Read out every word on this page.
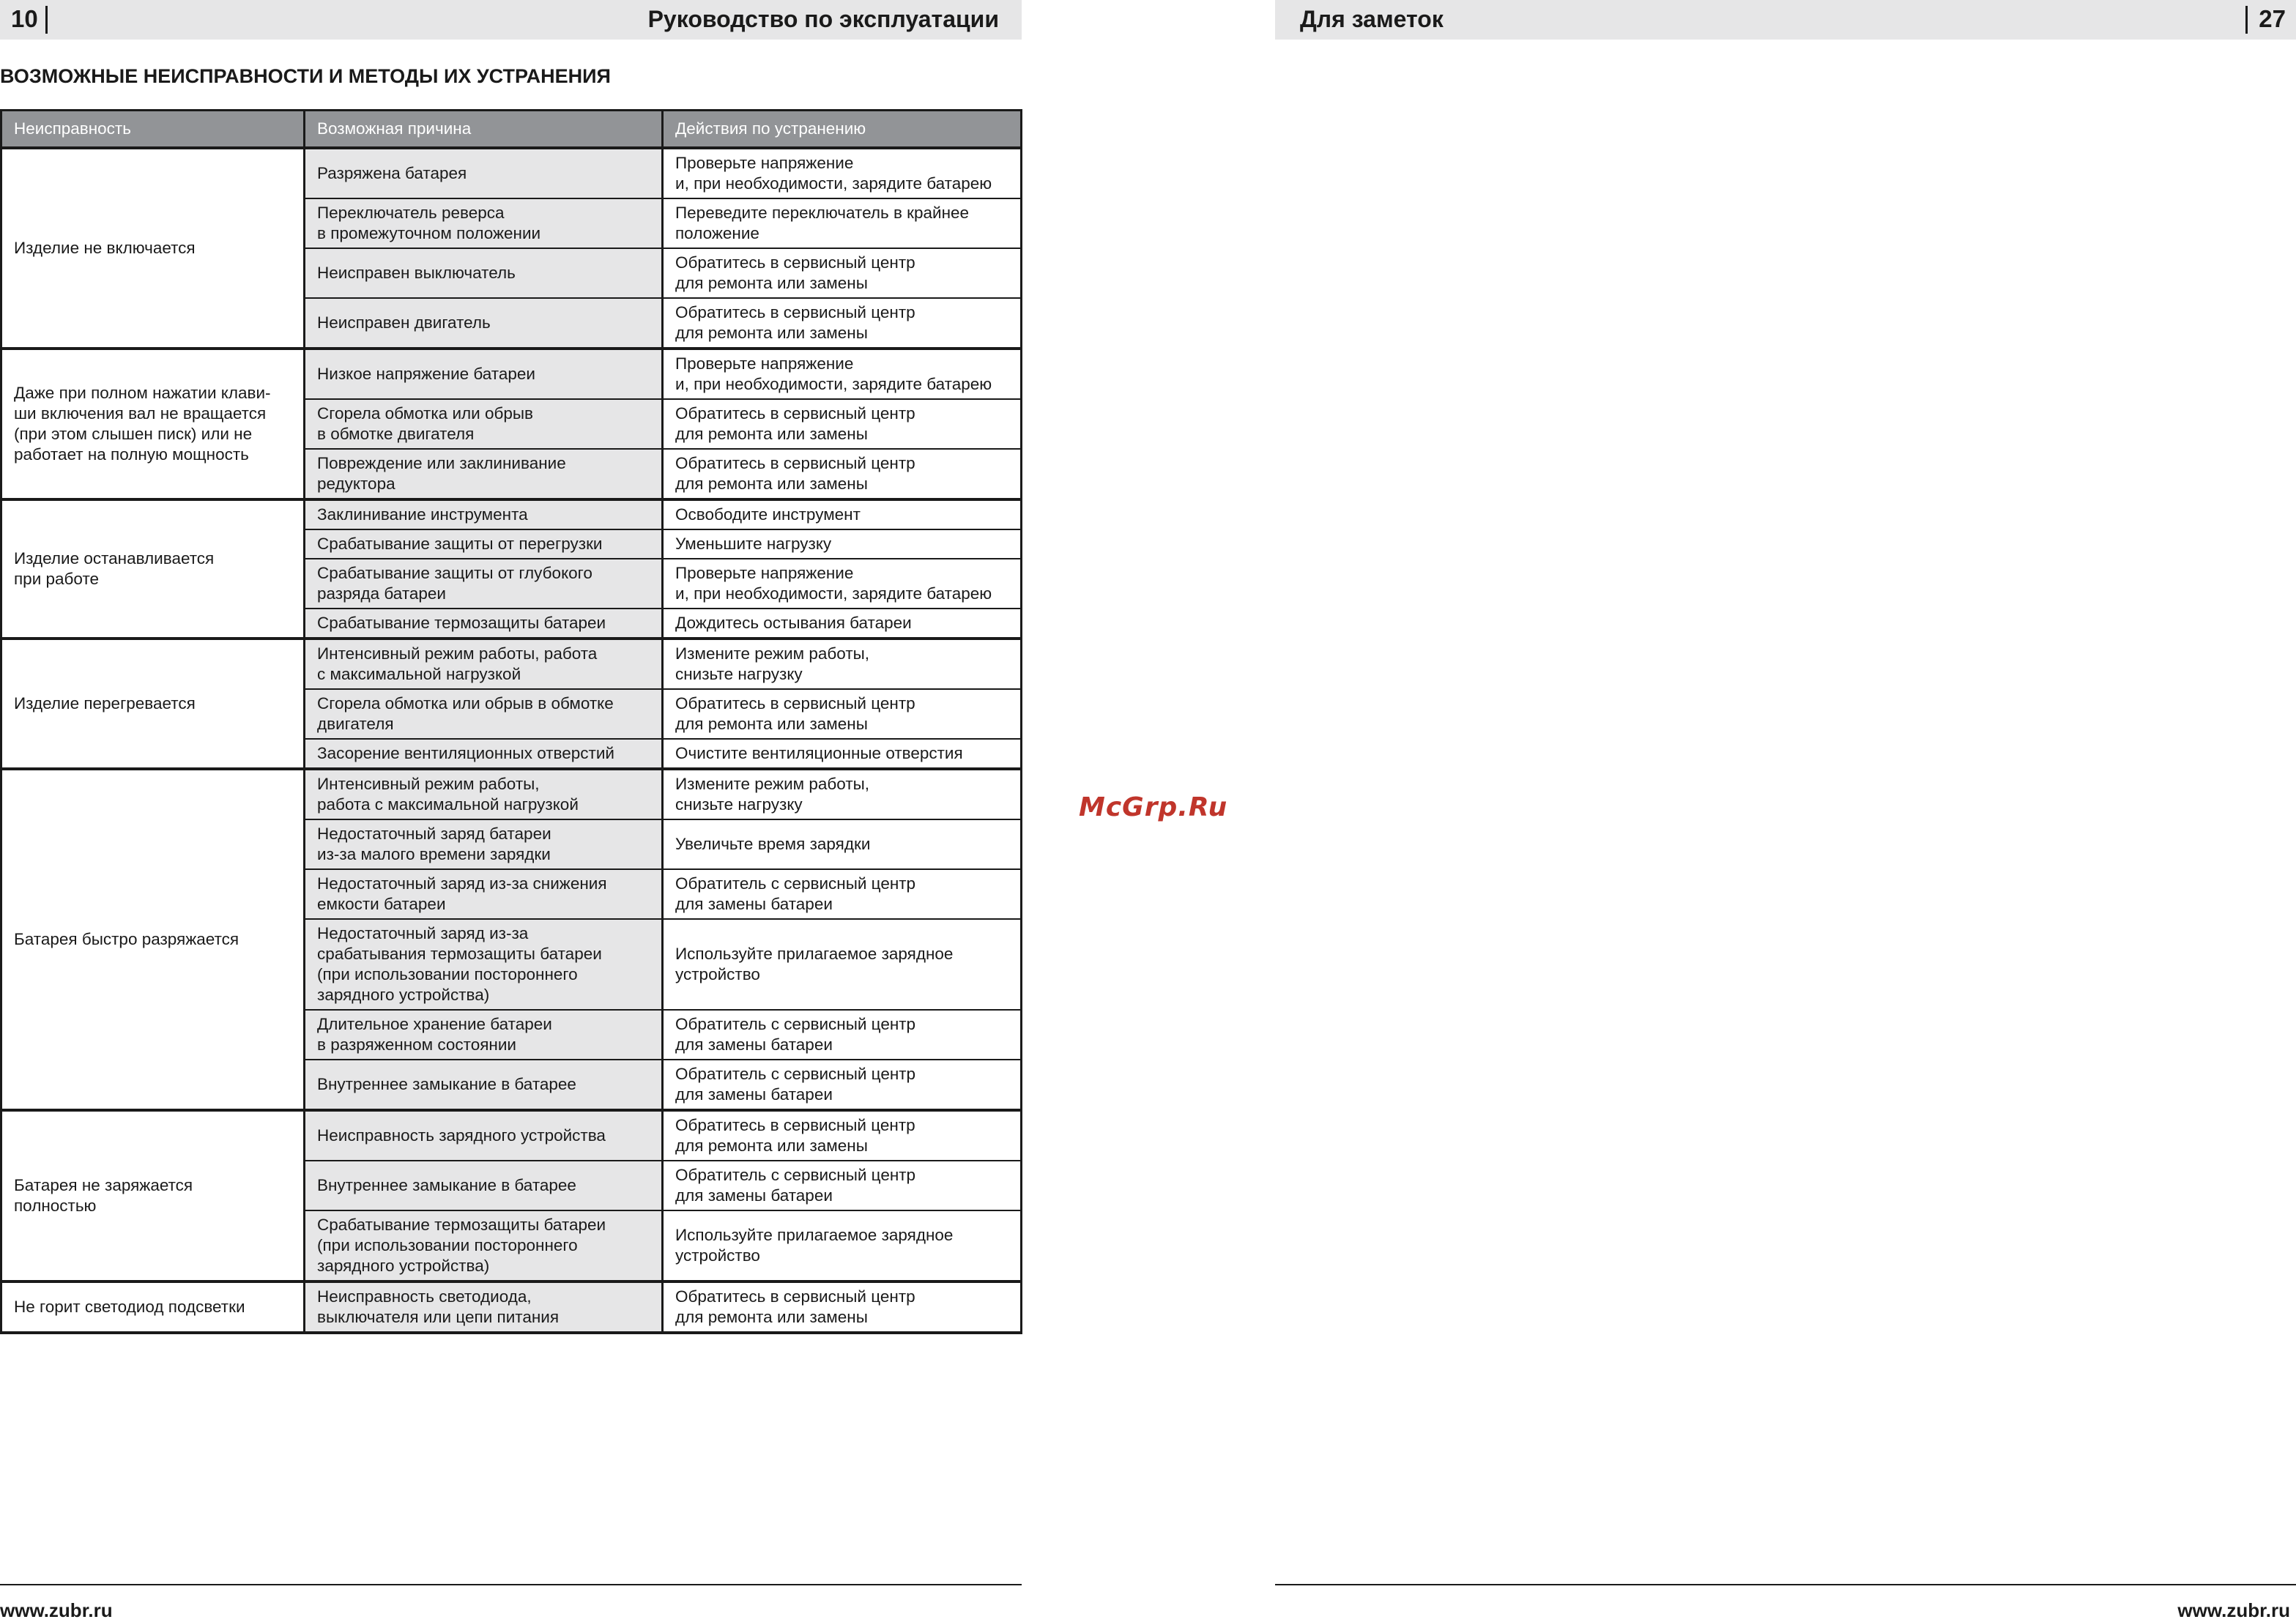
10	Руководство по эксплуатации	Для заметок	27
ВОЗМОЖНЫЕ НЕИСПРАВНОСТИ И МЕТОДЫ ИХ УСТРАНЕНИЯ
Неисправность	Возможная причина	Действия по устранению
Изделие не включается	Разряжена батарея	Проверьте напряжение
и, при необходимости, зарядите батарею
	Переключатель реверса
в промежуточном положении	Переведите переключатель в крайнее
положение
	Неисправен выключатель	Обратитесь в сервисный центр
для ремонта или замены
	Неисправен двигатель	Обратитесь в сервисный центр
для ремонта или замены
Даже при полном нажатии клави-
ши включения вал не вращается
(при этом слышен писк) или не
работает на полную мощность	Низкое напряжение батареи	Проверьте напряжение
и, при необходимости, зарядите батарею
	Сгорела обмотка или обрыв
в обмотке двигателя	Обратитесь в сервисный центр
для ремонта или замены
	Повреждение или заклинивание
редуктора	Обратитесь в сервисный центр
для ремонта или замены
Изделие останавливается
при работе	Заклинивание инструмента	Освободите инструмент
	Срабатывание защиты от перегрузки	Уменьшите нагрузку
	Срабатывание защиты от глубокого
разряда батареи	Проверьте напряжение
и, при необходимости, зарядите батарею
	Срабатывание термозащиты батареи	Дождитесь остывания батареи
Изделие перегревается	Интенсивный режим работы, работа
с максимальной нагрузкой	Измените режим работы,
снизьте нагрузку
	Сгорела обмотка или обрыв в обмотке
двигателя	Обратитесь в сервисный центр
для ремонта или замены
	Засорение вентиляционных отверстий	Очистите вентиляционные отверстия
Батарея быстро разряжается	Интенсивный режим работы,
работа с максимальной нагрузкой	Измените режим работы,
снизьте нагрузку
	Недостаточный заряд батареи
из-за малого времени зарядки	Увеличьте время зарядки
	Недостаточный заряд из-за снижения
емкости батареи	Обратитель с сервисный центр
для замены батареи
	Недостаточный заряд из-за
срабатывания термозащиты батареи
(при использовании постороннего
зарядного устройства)	Используйте прилагаемое зарядное
устройство
	Длительное хранение батареи
в разряженном состоянии	Обратитель с сервисный центр
для замены батареи
	Внутреннее замыкание в батарее	Обратитель с сервисный центр
для замены батареи
Батарея не заряжается
полностью	Неисправность зарядного устройства	Обратитесь в сервисный центр
для ремонта или замены
	Внутреннее замыкание в батарее	Обратитель с сервисный центр
для замены батареи
	Срабатывание термозащиты батареи
(при использовании постороннего
зарядного устройства)	Используйте прилагаемое зарядное
устройство
Не горит светодиод подсветки	Неисправность светодиода,
выключателя или цепи питания	Обратитесь в сервисный центр
для ремонта или замены
McGrp.Ru
www.zubr.ru	www.zubr.ru
